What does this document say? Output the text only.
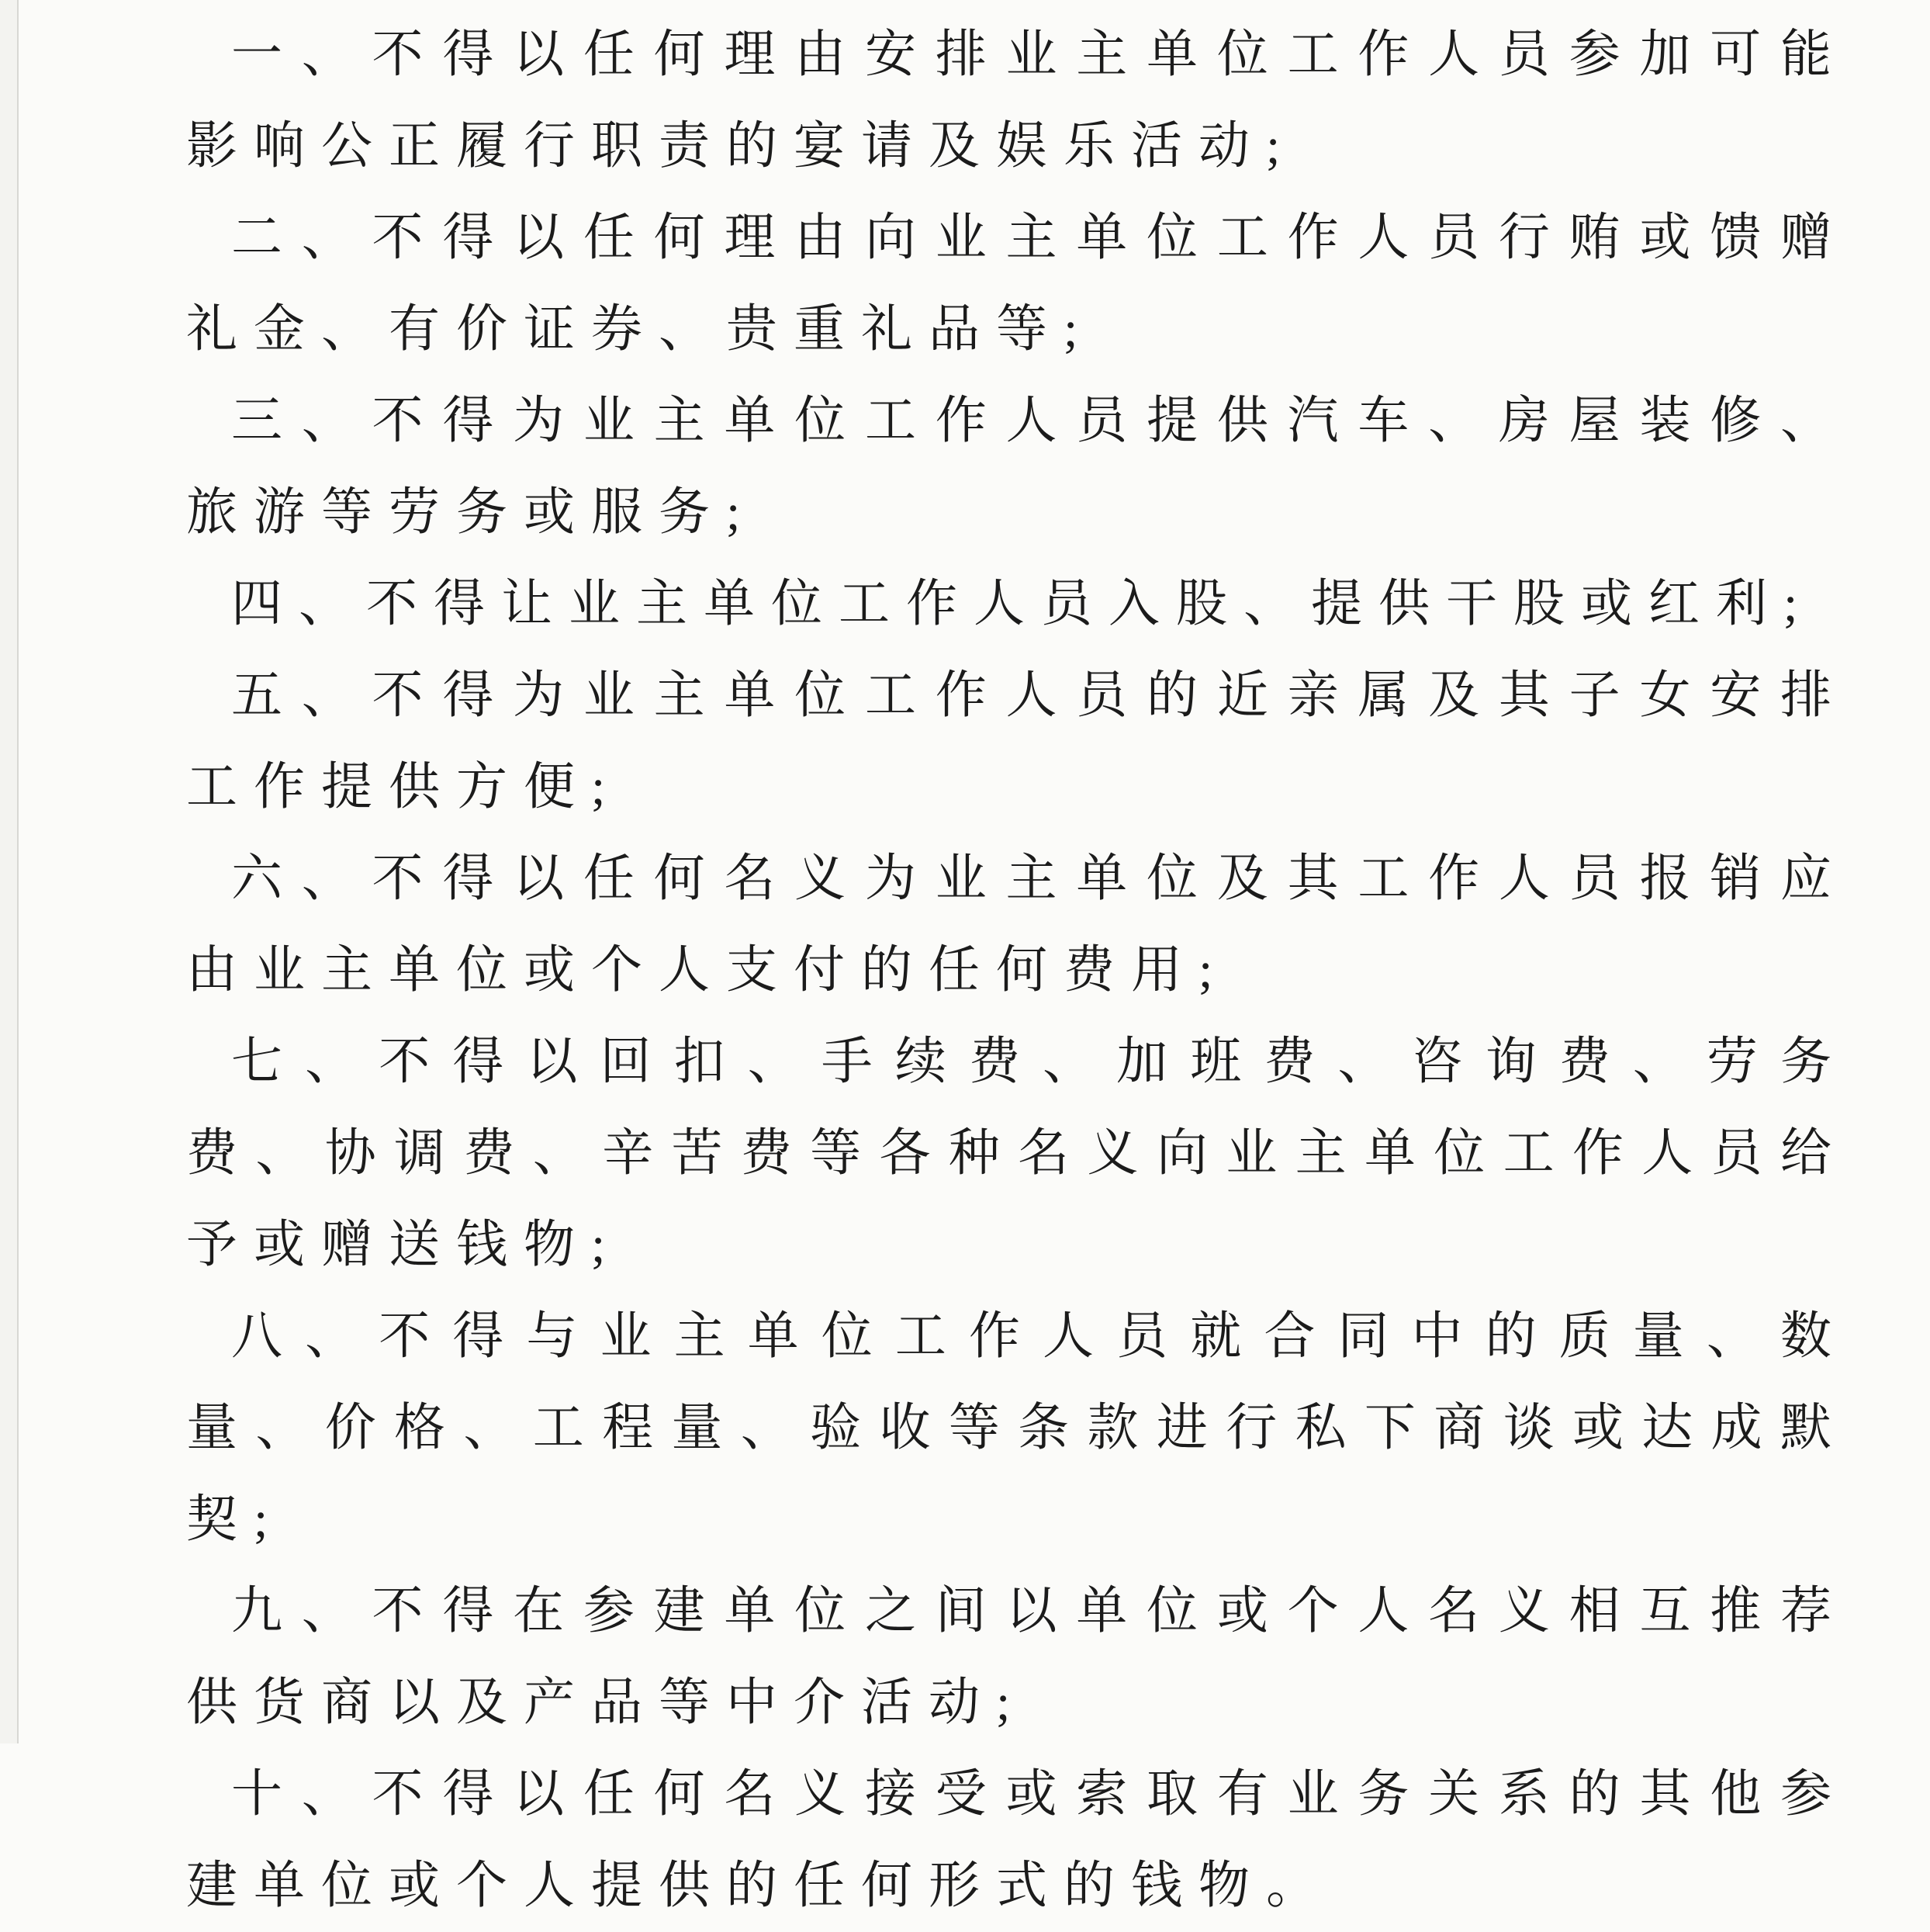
一、不得以任何理由安排业主单位工作人员参加可能影响公正履行职责的宴请及娱乐活动;

二、不得以任何理由向业主单位工作人员行贿或馈赠礼金、有价证券、贵重礼品等;

三、不得为业主单位工作人员提供汽车、房屋装修、旅游等劳务或服务;

四、不得让业主单位工作人员入股、提供干股或红利;

五、不得为业主单位工作人员的近亲属及其子女安排工作提供方便;

六、不得以任何名义为业主单位及其工作人员报销应由业主单位或个人支付的任何费用;

七、不得以回扣、手续费、加班费、咨询费、劳务费、协调费、辛苦费等各种名义向业主单位工作人员给予或赠送钱物;

八、不得与业主单位工作人员就合同中的质量、数量、价格、工程量、验收等条款进行私下商谈或达成默契;

九、不得在参建单位之间以单位或个人名义相互推荐供货商以及产品等中介活动;

十、不得以任何名义接受或索取有业务关系的其他参建单位或个人提供的任何形式的钱物。
